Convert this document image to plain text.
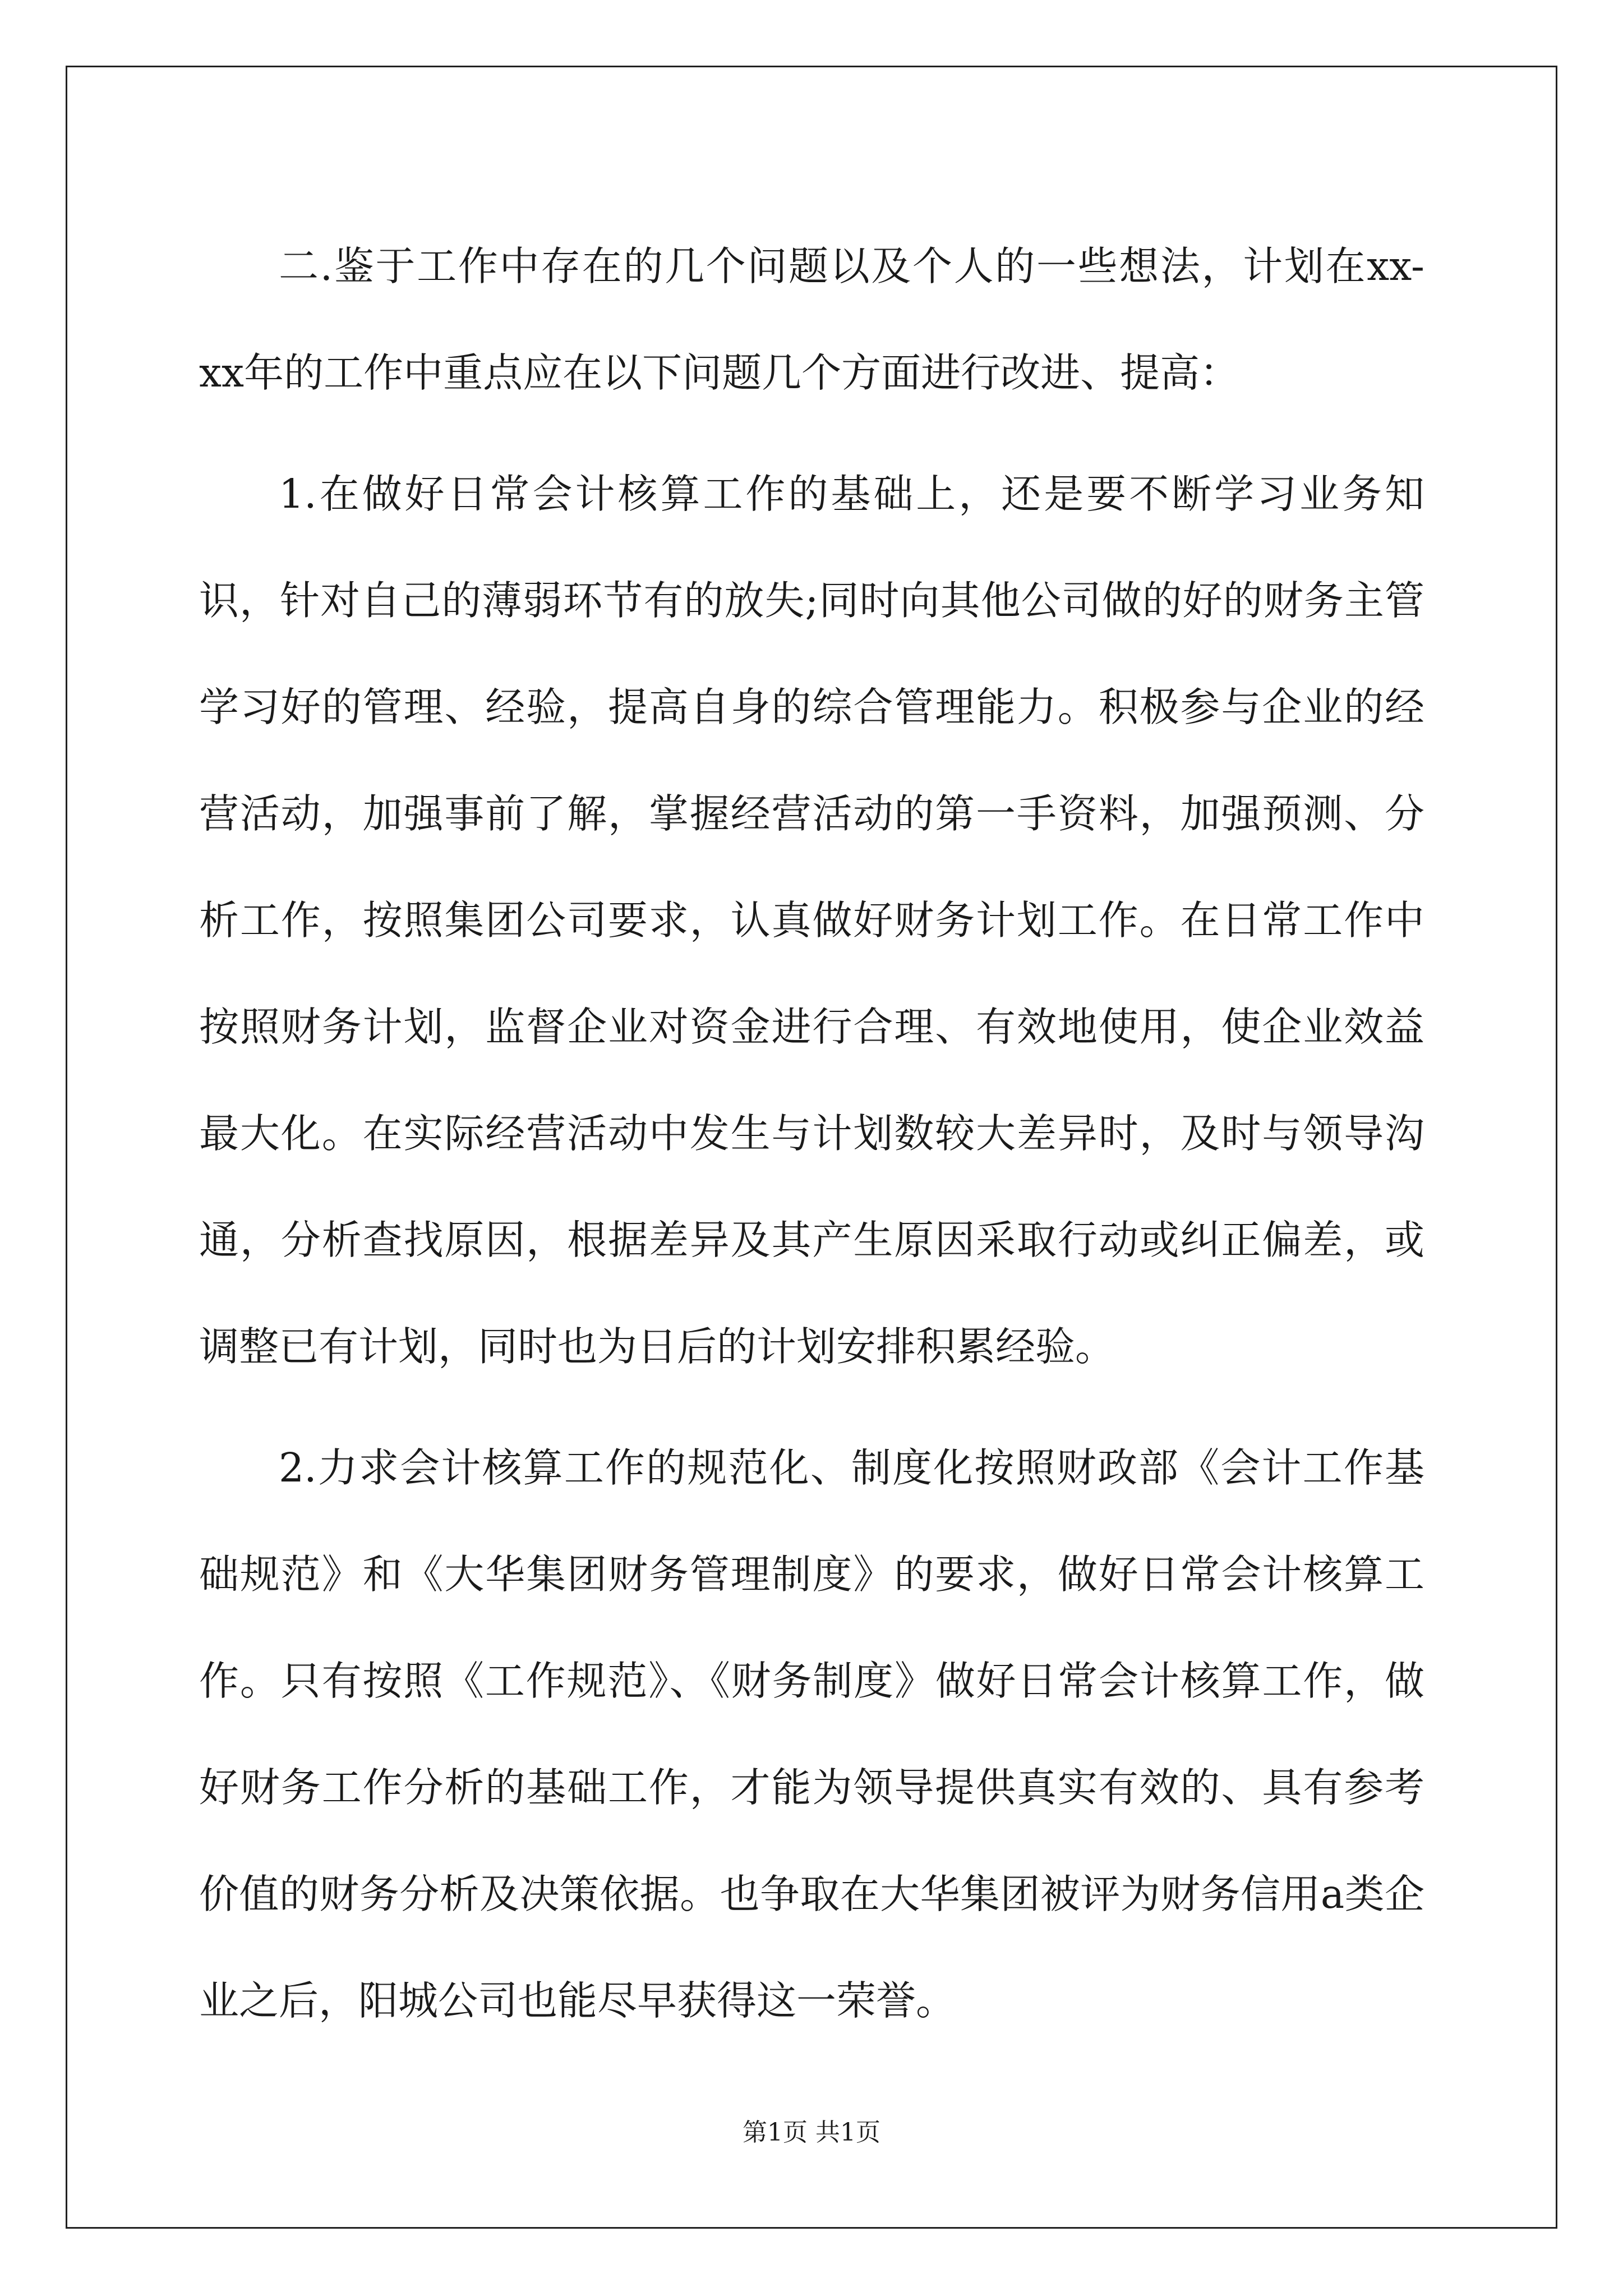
二.鉴于工作中存在的几个问题以及个人的一些想法，计划在xx-xx年的工作中重点应在以下问题几个方面进行改进、提高：

1.在做好日常会计核算工作的基础上，还是要不断学习业务知识，针对自己的薄弱环节有的放失;同时向其他公司做的好的财务主管学习好的管理、经验，提高自身的综合管理能力。积极参与企业的经营活动，加强事前了解，掌握经营活动的第一手资料，加强预测、分析工作，按照集团公司要求，认真做好财务计划工作。在日常工作中按照财务计划，监督企业对资金进行合理、有效地使用，使企业效益最大化。在实际经营活动中发生与计划数较大差异时，及时与领导沟通，分析查找原因，根据差异及其产生原因采取行动或纠正偏差，或调整已有计划，同时也为日后的计划安排积累经验。

2.力求会计核算工作的规范化、制度化按照财政部《会计工作基础规范》和《大华集团财务管理制度》的要求，做好日常会计核算工作。只有按照《工作规范》、《财务制度》做好日常会计核算工作，做好财务工作分析的基础工作，才能为领导提供真实有效的、具有参考价值的财务分析及决策依据。也争取在大华集团被评为财务信用a类企业之后，阳城公司也能尽早获得这一荣誉。

第1页 共1页
